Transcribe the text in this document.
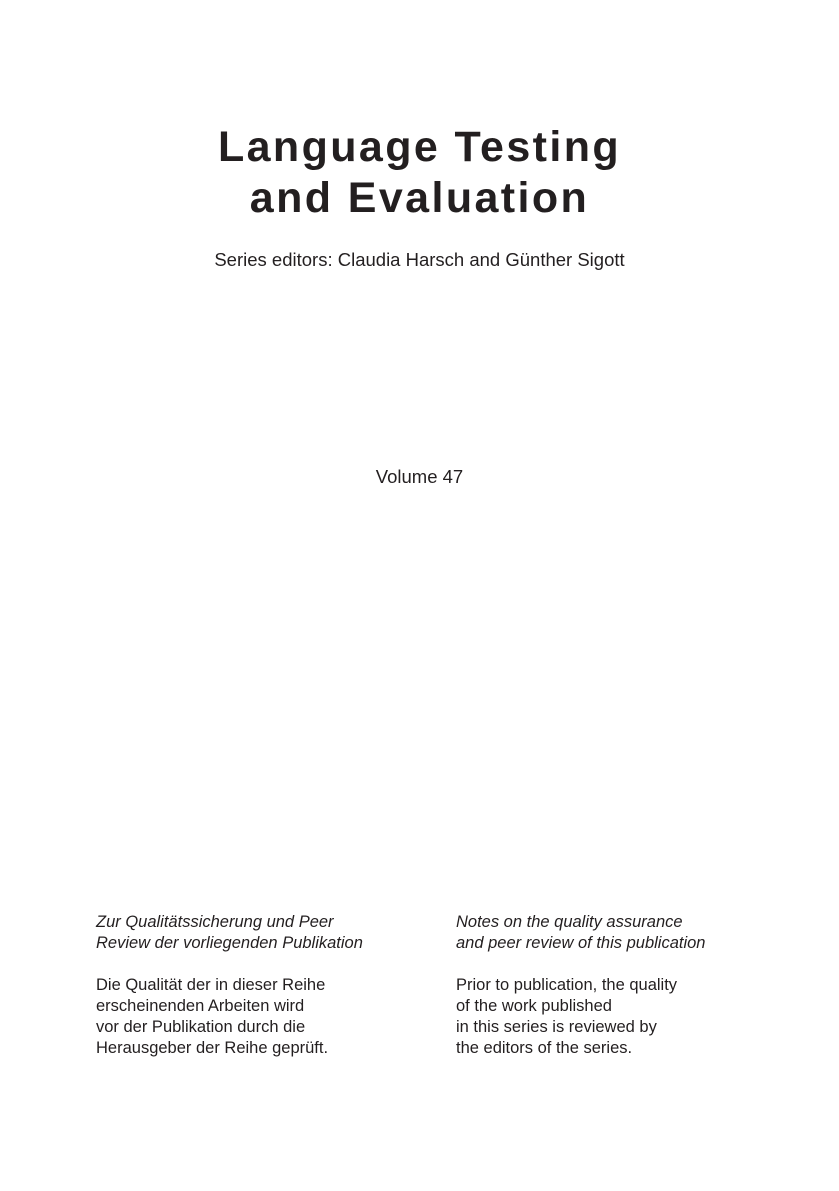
Language Testing
and Evaluation
Series editors: Claudia Harsch and Günther Sigott
Volume 47
Zur Qualitätssicherung und Peer
Review der vorliegenden Publikation
Die Qualität der in dieser Reihe
erscheinenden Arbeiten wird
vor der Publikation durch die
Herausgeber der Reihe geprüft.
Notes on the quality assurance
and peer review of this publication
Prior to publication, the quality
of the work published
in this series is reviewed by
the editors of the series.
